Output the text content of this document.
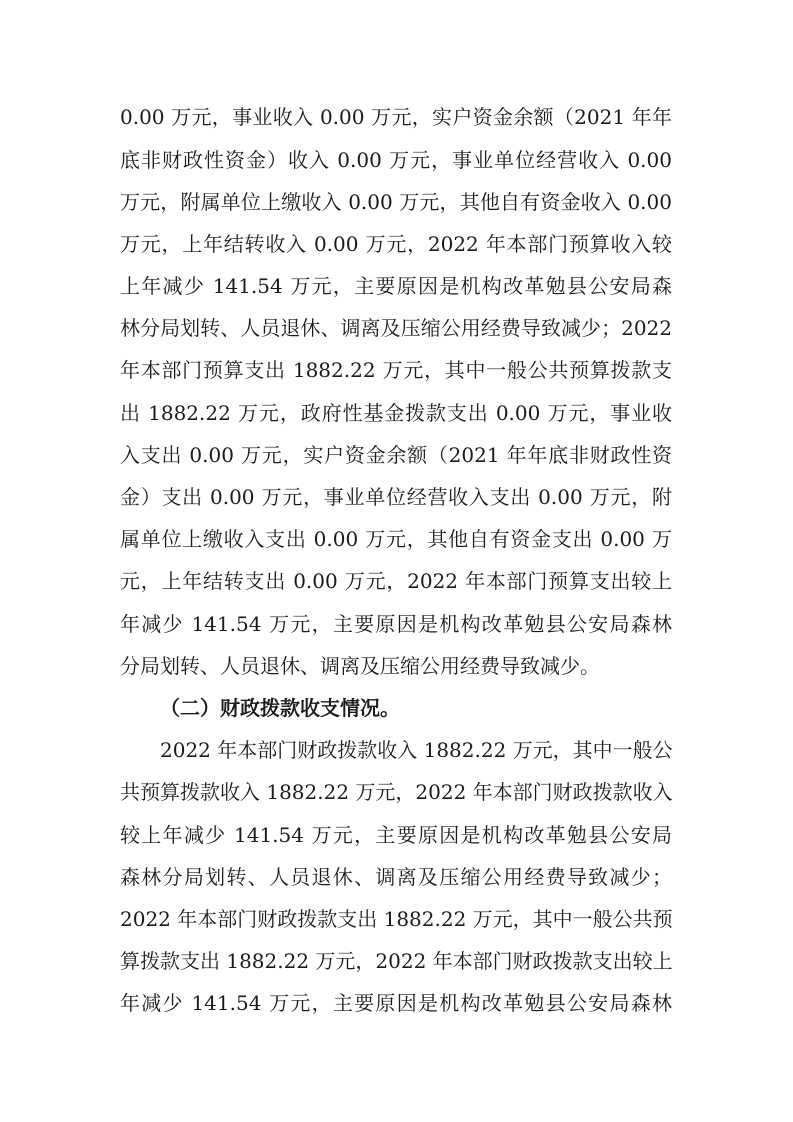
0.00 万元，事业收入 0.00 万元，实户资金余额（2021 年年
底非财政性资金）收入 0.00 万元，事业单位经营收入 0.00
万元，附属单位上缴收入 0.00 万元，其他自有资金收入 0.00
万元，上年结转收入 0.00 万元，2022 年本部门预算收入较
上年减少 141.54 万元，主要原因是机构改革勉县公安局森
林分局划转、人员退休、调离及压缩公用经费导致减少；2022
年本部门预算支出 1882.22 万元，其中一般公共预算拨款支
出 1882.22 万元，政府性基金拨款支出 0.00 万元，事业收
入支出 0.00 万元，实户资金余额（2021 年年底非财政性资
金）支出 0.00 万元，事业单位经营收入支出 0.00 万元，附
属单位上缴收入支出 0.00 万元，其他自有资金支出 0.00 万
元，上年结转支出 0.00 万元，2022 年本部门预算支出较上
年减少 141.54 万元，主要原因是机构改革勉县公安局森林
分局划转、人员退休、调离及压缩公用经费导致减少。
（二）财政拨款收支情况。
2022 年本部门财政拨款收入 1882.22 万元，其中一般公
共预算拨款收入 1882.22 万元，2022 年本部门财政拨款收入
较上年减少 141.54 万元，主要原因是机构改革勉县公安局
森林分局划转、人员退休、调离及压缩公用经费导致减少；
2022 年本部门财政拨款支出 1882.22 万元，其中一般公共预
算拨款支出 1882.22 万元，2022 年本部门财政拨款支出较上
年减少 141.54 万元，主要原因是机构改革勉县公安局森林
